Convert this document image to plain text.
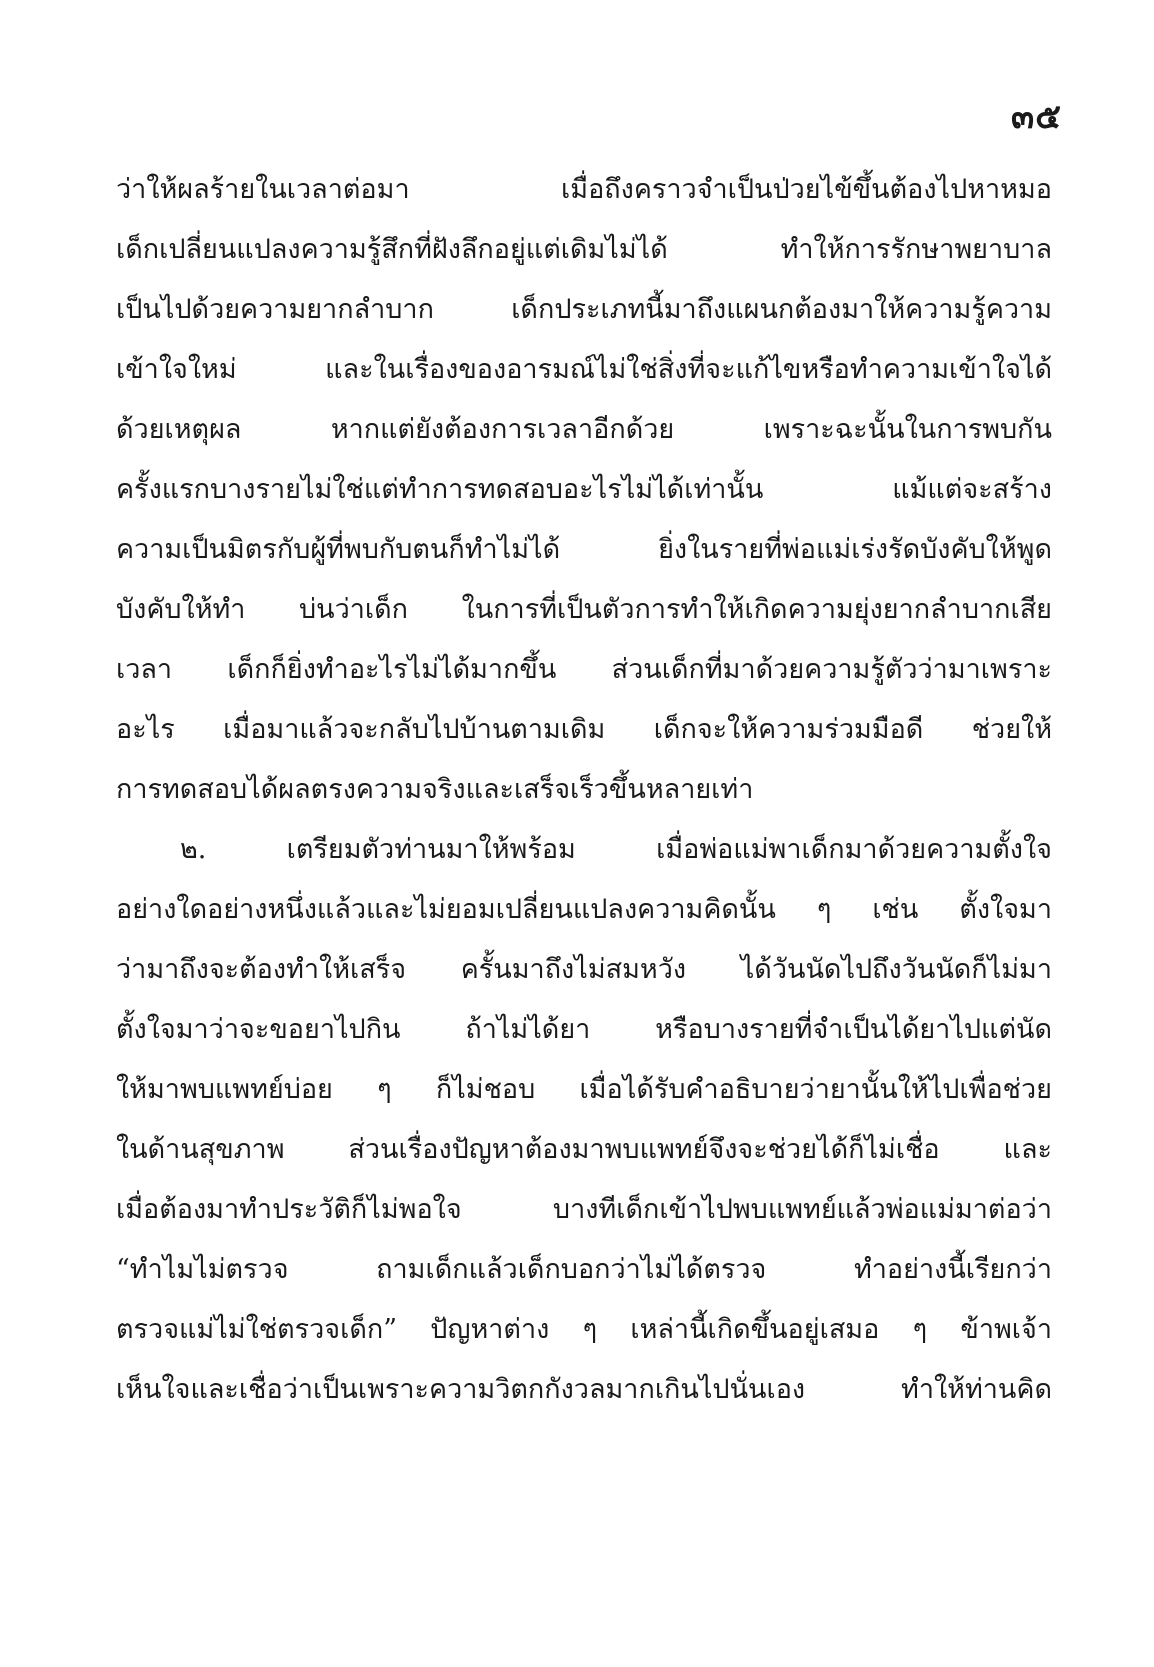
๓๕
ว่าให้ผลร้ายในเวลาต่อมา เมื่อถึงคราวจำเป็นป่วยไข้ขึ้นต้องไปหาหมอ
เด็กเปลี่ยนแปลงความรู้สึกที่ฝังลึกอยู่แต่เดิมไม่ได้ ทำให้การรักษาพยาบาล
เป็นไปด้วยความยากลำบาก เด็กประเภทนี้มาถึงแผนกต้องมาให้ความรู้ความ
เข้าใจใหม่ และในเรื่องของอารมณ์ไม่ใช่สิ่งที่จะแก้ไขหรือทำความเข้าใจได้
ด้วยเหตุผล หากแต่ยังต้องการเวลาอีกด้วย เพราะฉะนั้นในการพบกัน
ครั้งแรกบางรายไม่ใช่แต่ทำการทดสอบอะไรไม่ได้เท่านั้น แม้แต่จะสร้าง
ความเป็นมิตรกับผู้ที่พบกับตนก็ทำไม่ได้ ยิ่งในรายที่พ่อแม่เร่งรัดบังคับให้พูด
บังคับให้ทำ บ่นว่าเด็ก ในการที่เป็นตัวการทำให้เกิดความยุ่งยากลำบากเสีย
เวลา เด็กก็ยิ่งทำอะไรไม่ได้มากขึ้น ส่วนเด็กที่มาด้วยความรู้ตัวว่ามาเพราะ
อะไร เมื่อมาแล้วจะกลับไปบ้านตามเดิม เด็กจะให้ความร่วมมือดี ช่วยให้
การทดสอบได้ผลตรงความจริงและเสร็จเร็วขึ้นหลายเท่า
๒. เตรียมตัวท่านมาให้พร้อม เมื่อพ่อแม่พาเด็กมาด้วยความตั้งใจ
อย่างใดอย่างหนึ่งแล้วและไม่ยอมเปลี่ยนแปลงความคิดนั้น ๆ เช่น ตั้งใจมา
ว่ามาถึงจะต้องทำให้เสร็จ ครั้นมาถึงไม่สมหวัง ได้วันนัดไปถึงวันนัดก็ไม่มา
ตั้งใจมาว่าจะขอยาไปกิน ถ้าไม่ได้ยา หรือบางรายที่จำเป็นได้ยาไปแต่นัด
ให้มาพบแพทย์บ่อย ๆ ก็ไม่ชอบ เมื่อได้รับคำอธิบายว่ายานั้นให้ไปเพื่อช่วย
ในด้านสุขภาพ ส่วนเรื่องปัญหาต้องมาพบแพทย์จึงจะช่วยได้ก็ไม่เชื่อ และ
เมื่อต้องมาทำประวัติก็ไม่พอใจ บางทีเด็กเข้าไปพบแพทย์แล้วพ่อแม่มาต่อว่า
“ทำไมไม่ตรวจ ถามเด็กแล้วเด็กบอกว่าไม่ได้ตรวจ ทำอย่างนี้เรียกว่า
ตรวจแม่ไม่ใช่ตรวจเด็ก” ปัญหาต่าง ๆ เหล่านี้เกิดขึ้นอยู่เสมอ ๆ ข้าพเจ้า
เห็นใจและเชื่อว่าเป็นเพราะความวิตกกังวลมากเกินไปนั่นเอง ทำให้ท่านคิด
